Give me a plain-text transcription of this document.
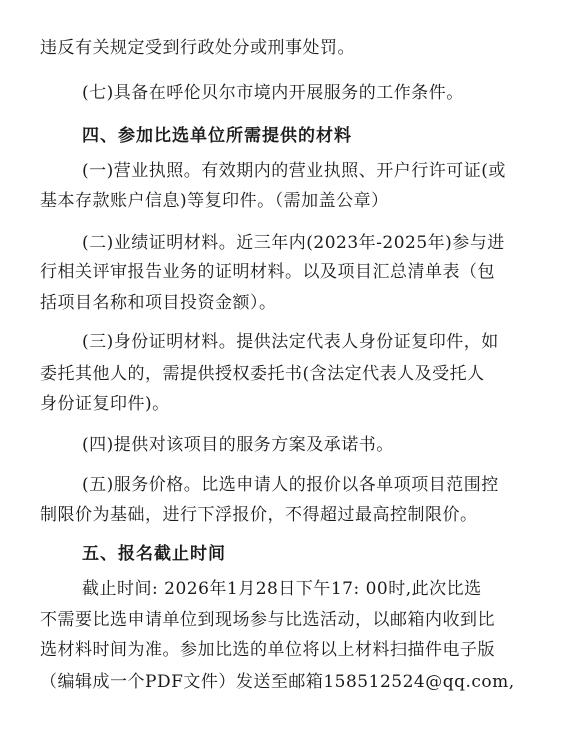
违反有关规定受到行政处分或刑事处罚。
(七)具备在呼伦贝尔市境内开展服务的工作条件。
四、参加比选单位所需提供的材料
(一)营业执照。有效期内的营业执照、开户行许可证(或
基本存款账户信息)等复印件。（需加盖公章）
(二)业绩证明材料。近三年内(2023年-2025年)参与进
行相关评审报告业务的证明材料。以及项目汇总清单表（包
括项目名称和项目投资金额）。
(三)身份证明材料。提供法定代表人身份证复印件，如
委托其他人的，需提供授权委托书(含法定代表人及受托人
身份证复印件)。
(四)提供对该项目的服务方案及承诺书。
(五)服务价格。比选申请人的报价以各单项项目范围控
制限价为基础，进行下浮报价，不得超过最高控制限价。
五、报名截止时间
截止时间: 2026年1月28日下午17: 00时,此次比选
不需要比选申请单位到现场参与比选活动，以邮箱内收到比
选材料时间为准。参加比选的单位将以上材料扫描件电子版
（编辑成一个PDF文件）发送至邮箱158512524@qq.com,
